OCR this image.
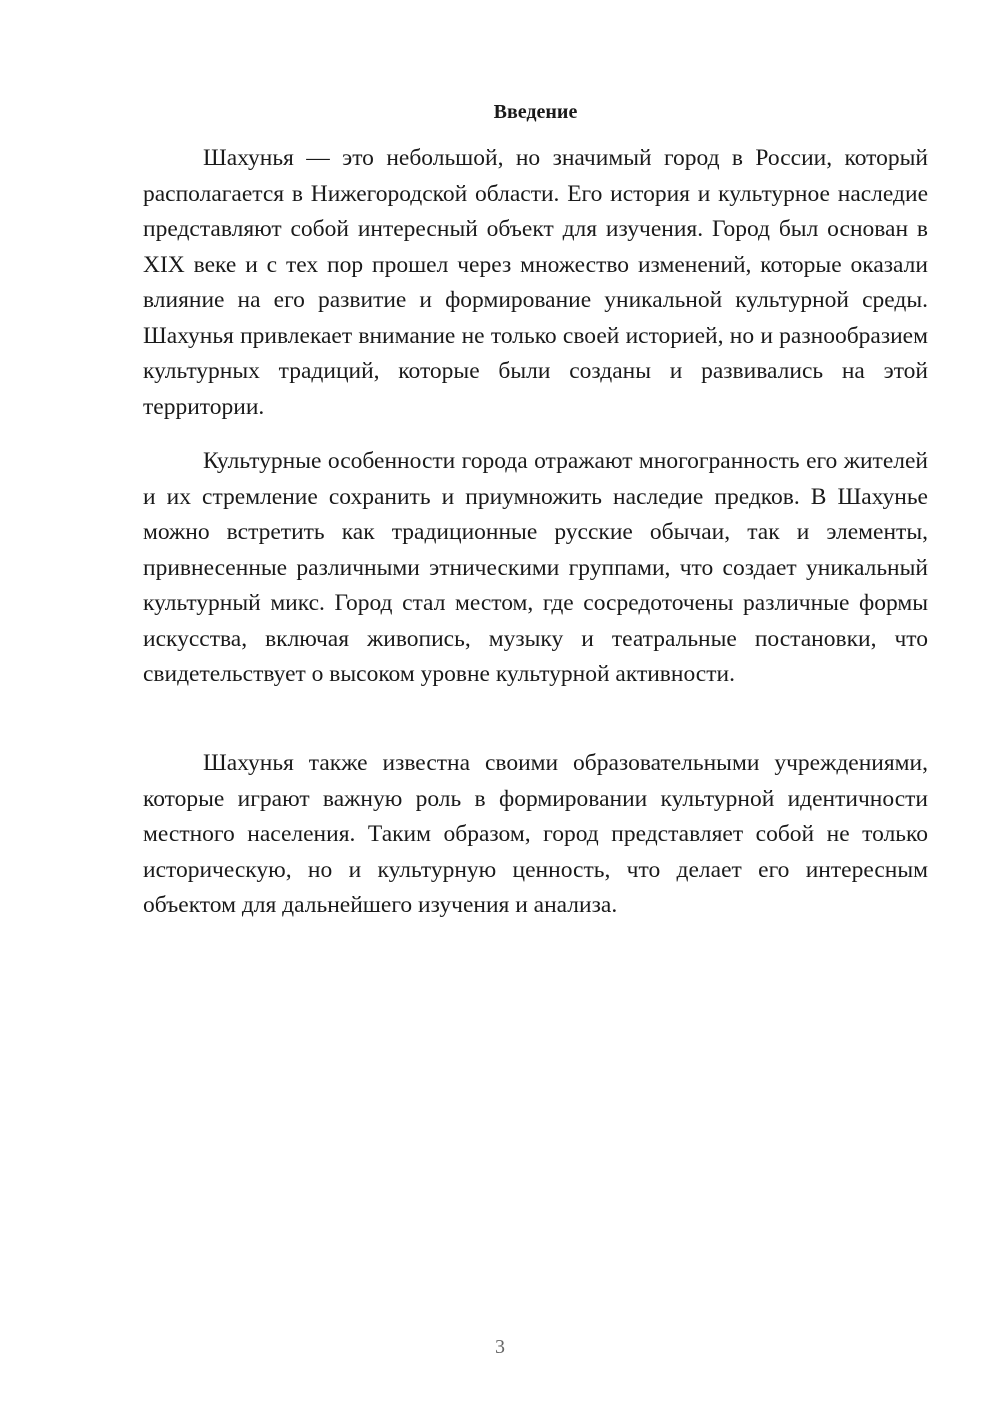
Введение

Шахунья — это небольшой, но значимый город в России, который располагается в Нижегородской области. Его история и культурное наследие представляют собой интересный объект для изучения. Город был основан в XIX веке и с тех пор прошел через множество изменений, которые оказали влияние на его развитие и формирование уникальной культурной среды. Шахунья привлекает внимание не только своей историей, но и разнообразием культурных традиций, которые были созданы и развивались на этой территории.

Культурные особенности города отражают многогранность его жителей и их стремление сохранить и приумножить наследие предков. В Шахунье можно встретить как традиционные русские обычаи, так и элементы, привнесенные различными этническими группами, что создает уникальный культурный микс. Город стал местом, где сосредоточены различные формы искусства, включая живопись, музыку и театральные постановки, что свидетельствует о высоком уровне культурной активности.

Шахунья также известна своими образовательными учреждениями, которые играют важную роль в формировании культурной идентичности местного населения. Таким образом, город представляет собой не только историческую, но и культурную ценность, что делает его интересным объектом для дальнейшего изучения и анализа.

3
